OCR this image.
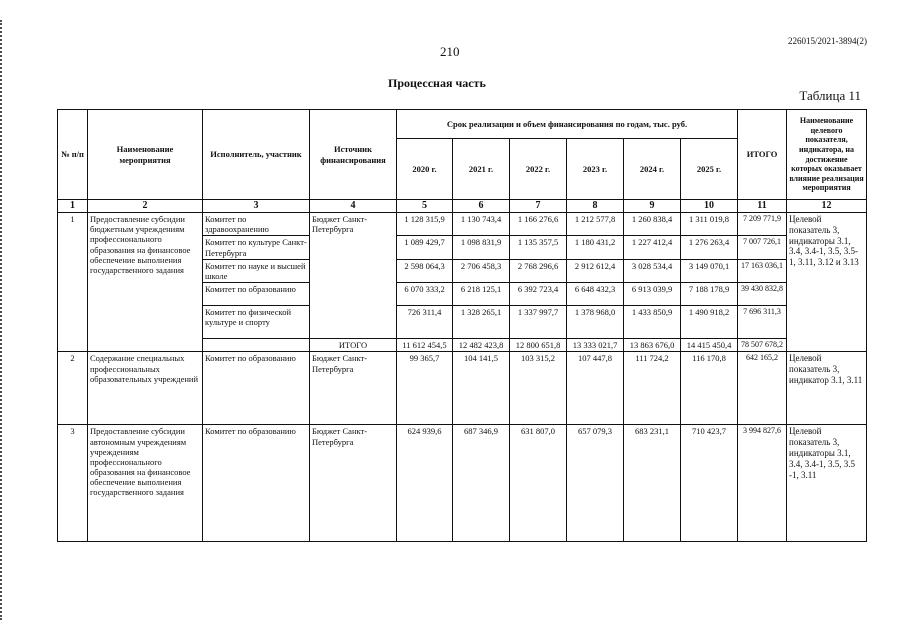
210
226015/2021-3894(2)
Процессная часть
Таблица 11
№ п/п	Наименование мероприятия	Исполнитель, участник	Источник финансирования	Срок реализации и объем финансирования по годам, тыс. руб.						ИТОГО	Наименование целевого показателя, индикатора, на достижение которых оказывает влияние реализация мероприятия
				2020 г.	2021 г.	2022 г.	2023 г.	2024 г.	2025 г.		
1	2	3	4	5	6	7	8	9	10	11	12
1	Предоставление субсидии бюджетным учреждениям профессионального образования на финансовое обеспечение выполнения государственного задания	Комитет по здравоохранению	Бюджет Санкт-Петербурга	1 128 315,9	1 130 743,4	1 166 276,6	1 212 577,8	1 260 838,4	1 311 019,8	7 209 771,9	Целевой показатель 3, индикаторы 3.1, 3.4, 3.4-1, 3.5, 3.5-1, 3.11, 3.12 и 3.13
		Комитет по культуре Санкт-Петербурга		1 089 429,7	1 098 831,9	1 135 357,5	1 180 431,2	1 227 412,4	1 276 263,4	7 007 726,1	
		Комитет по науке и высшей школе		2 598 064,3	2 706 458,3	2 768 296,6	2 912 612,4	3 028 534,4	3 149 070,1	17 163 036,1	
		Комитет по образованию		6 070 333,2	6 218 125,1	6 392 723,4	6 648 432,3	6 913 039,9	7 188 178,9	39 430 832,8	
		Комитет по физической культуре и спорту		726 311,4	1 328 265,1	1 337 997,7	1 378 968,0	1 433 850,9	1 490 918,2	7 696 311,3	
			ИТОГО	11 612 454,5	12 482 423,8	12 800 651,8	13 333 021,7	13 863 676,0	14 415 450,4	78 507 678,2	
2	Содержание специальных профессиональных образовательных учреждений	Комитет по образованию	Бюджет Санкт-Петербурга	99 365,7	104 141,5	103 315,2	107 447,8	111 724,2	116 170,8	642 165,2	Целевой показатель 3, индикатор 3.1, 3.11
3	Предоставление субсидии автономным учреждениям учреждениям профессионального образования на финансовое обеспечение выполнения государственного задания	Комитет по образованию	Бюджет Санкт-Петербурга	624 939,6	687 346,9	631 807,0	657 079,3	683 231,1	710 423,7	3 994 827,6	Целевой показатель 3, индикаторы 3.1, 3.4, 3.4-1, 3.5, 3.5 -1, 3.11
